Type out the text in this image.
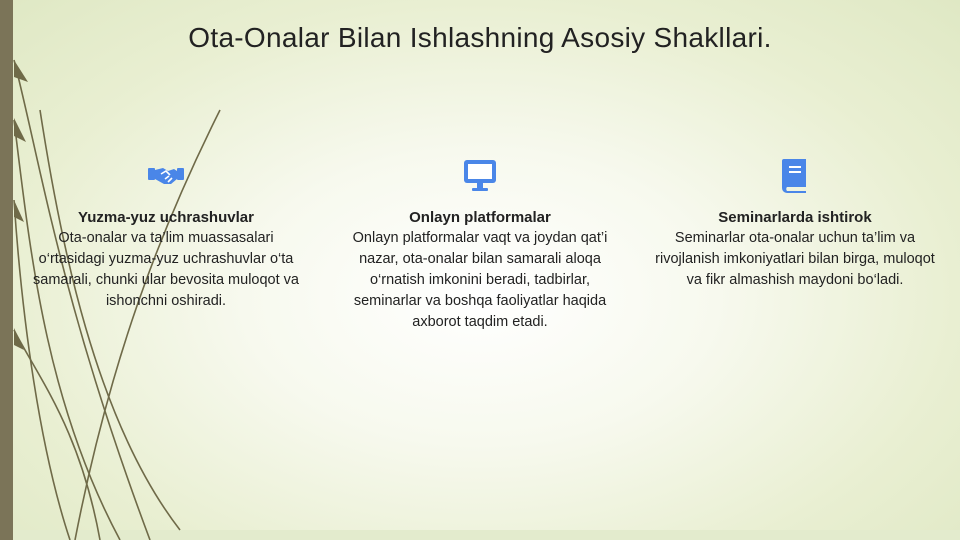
Ota-Onalar Bilan Ishlashning Asosiy Shakllari.
Yuzma-yuz uchrashuvlar
Ota-onalar va ta’lim muassasalari o‘rtasidagi yuzma-yuz uchrashuvlar o‘ta samarali, chunki ular bevosita muloqot va ishonchni oshiradi.
Onlayn platformalar
Onlayn platformalar vaqt va joydan qat’i nazar, ota-onalar bilan samarali aloqa o‘rnatish imkonini beradi, tadbirlar, seminarlar va boshqa faoliyatlar haqida axborot taqdim etadi.
Seminarlarda ishtirok
Seminarlar ota-onalar uchun ta’lim va rivojlanish imkoniyatlari bilan birga, muloqot va fikr almashish maydoni bo‘ladi.
